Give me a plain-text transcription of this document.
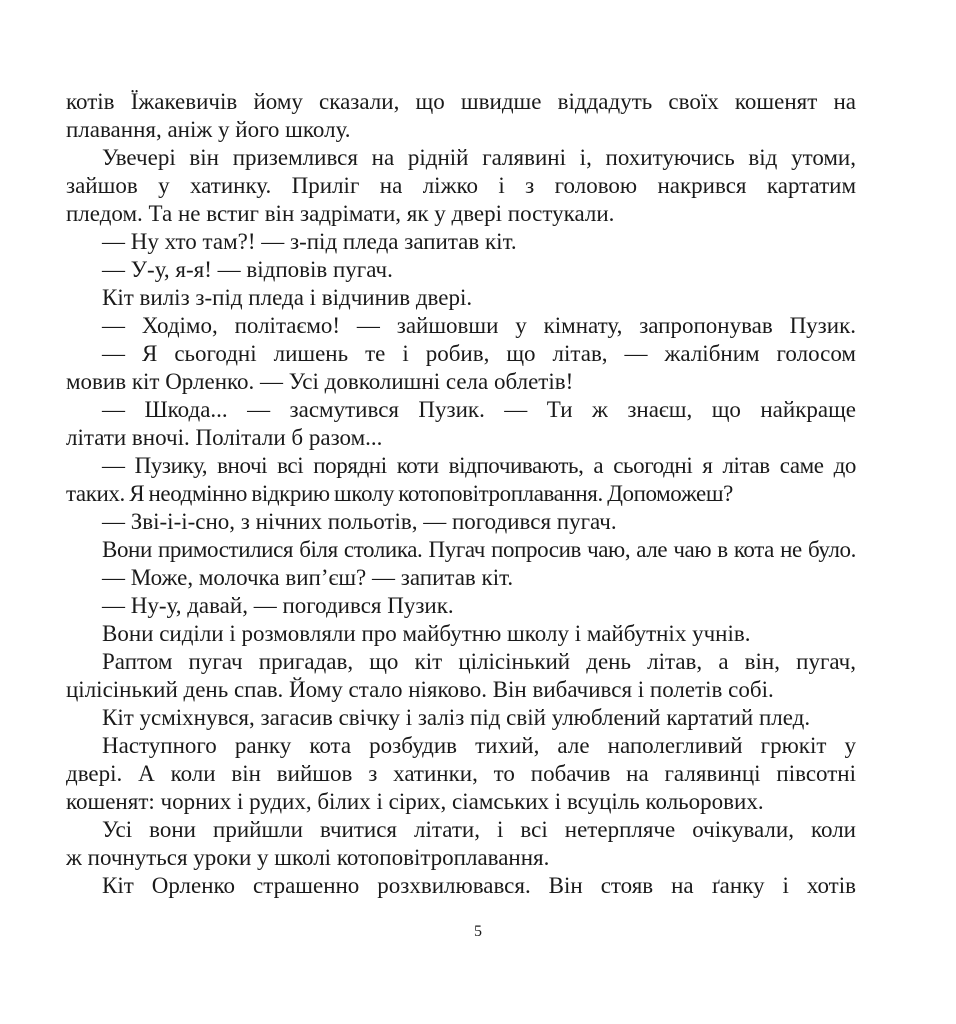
котів Їжакевичів йому сказали, що швидше віддадуть своїх кошенят на
плавання, аніж у його школу.
Увечері він приземлився на рідній галявині і, похитуючись від утоми,
зайшов у хатинку. Приліг на ліжко і з головою накрився картатим
пледом. Та не встиг він задрімати, як у двері постукали.
— Ну хто там?! — з-під пледа запитав кіт.
— У-у, я-я! — відповів пугач.
Кіт виліз з-під пледа і відчинив двері.
— Ходімо, політаємо! — зайшовши у кімнату, запропонував Пузик.
— Я сьогодні лишень те і робив, що літав, — жалібним голосом
мовив кіт Орленко. — Усі довколишні села облетів!
— Шкода... — засмутився Пузик. — Ти ж знаєш, що найкраще
літати вночі. Політали б разом...
— Пузику, вночі всі порядні коти відпочивають, а сьогодні я літав саме до
таких. Я неодмінно відкрию школу котоповітроплавання. Допоможеш?
— Зві-і-і-сно, з нічних польотів, — погодився пугач.
Вони примостилися біля столика. Пугач попросив чаю, але чаю в кота не було.
— Може, молочка вип’єш? — запитав кіт.
— Ну-у, давай, — погодився Пузик.
Вони сиділи і розмовляли про майбутню школу і майбутніх учнів.
Раптом пугач пригадав, що кіт цілісінький день літав, а він, пугач,
цілісінький день спав. Йому стало ніяково. Він вибачився і полетів собі.
Кіт усміхнувся, загасив свічку і заліз під свій улюблений картатий плед.
Наступного ранку кота розбудив тихий, але наполегливий грюкіт у
двері. А коли він вийшов з хатинки, то побачив на галявинці півсотні
кошенят: чорних і рудих, білих і сірих, сіамських і всуціль кольорових.
Усі вони прийшли вчитися літати, і всі нетерпляче очікували, коли
ж почнуться уроки у школі котоповітроплавання.
Кіт Орленко страшенно розхвилювався. Він стояв на ґанку і хотів
5
